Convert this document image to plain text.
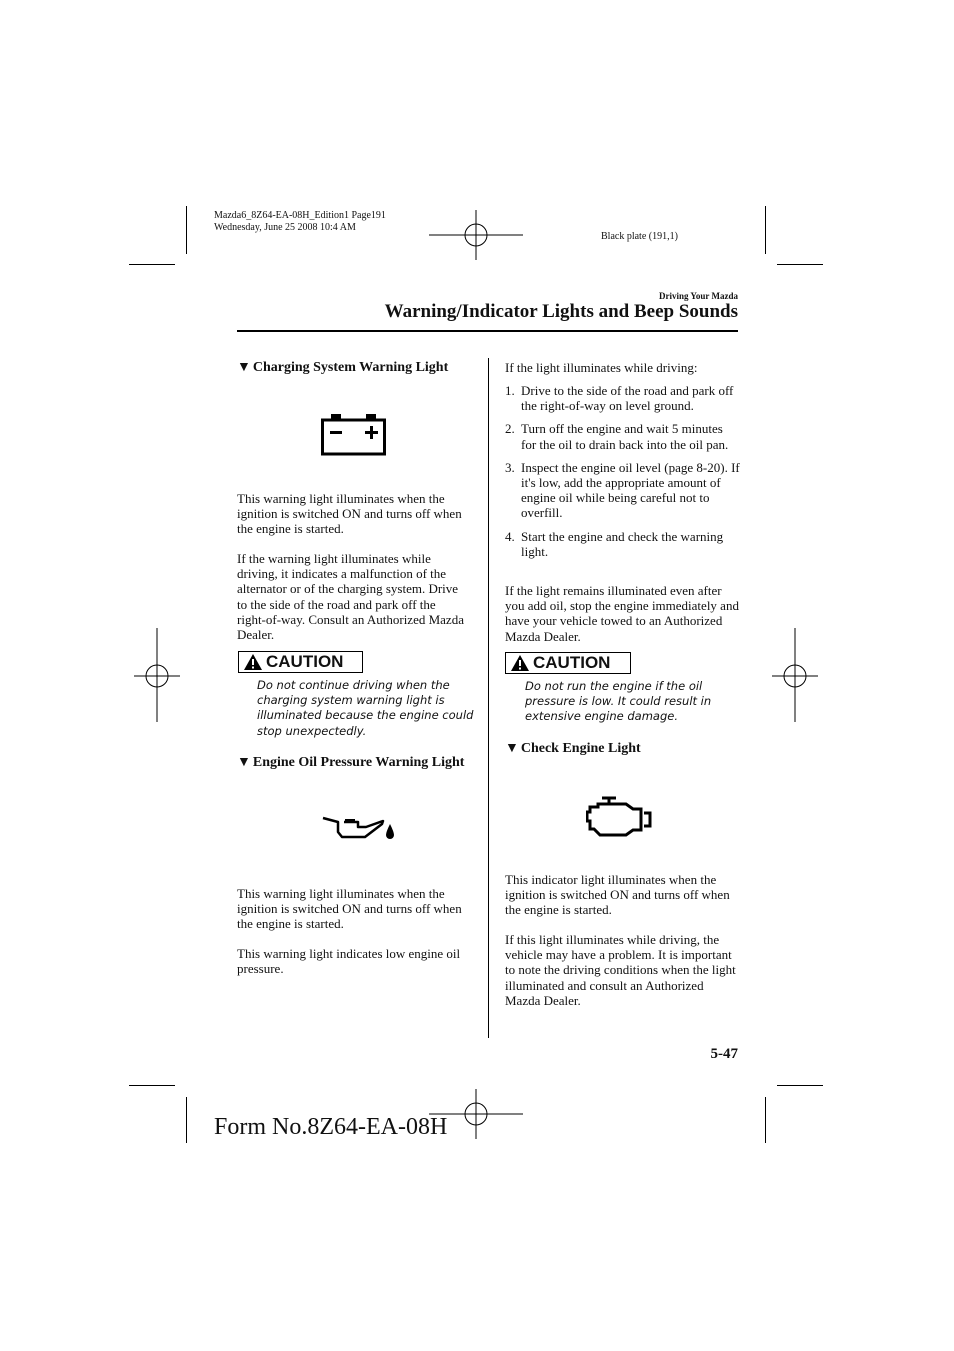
Mazda6_8Z64-EA-08H_Edition1 Page191
Wednesday, June 25 2008 10:4 AM
Black plate (191,1)
Driving Your Mazda
Warning/Indicator Lights and Beep Sounds
▼ Charging System Warning Light
This warning light illuminates when the ignition is switched ON and turns off when the engine is started.
If the warning light illuminates while driving, it indicates a malfunction of the alternator or of the charging system. Drive to the side of the road and park off the right-of-way. Consult an Authorized Mazda Dealer.
CAUTION
Do not continue driving when the charging system warning light is illuminated because the engine could stop unexpectedly.
▼ Engine Oil Pressure Warning Light
This warning light illuminates when the ignition is switched ON and turns off when the engine is started.
This warning light indicates low engine oil pressure.
If the light illuminates while driving:
1. Drive to the side of the road and park off the right-of-way on level ground.
2. Turn off the engine and wait 5 minutes for the oil to drain back into the oil pan.
3. Inspect the engine oil level (page 8-20). If it's low, add the appropriate amount of engine oil while being careful not to overfill.
4. Start the engine and check the warning light.
If the light remains illuminated even after you add oil, stop the engine immediately and have your vehicle towed to an Authorized Mazda Dealer.
CAUTION
Do not run the engine if the oil pressure is low. It could result in extensive engine damage.
▼ Check Engine Light
This indicator light illuminates when the ignition is switched ON and turns off when the engine is started.
If this light illuminates while driving, the vehicle may have a problem. It is important to note the driving conditions when the light illuminated and consult an Authorized Mazda Dealer.
5-47
Form No.8Z64-EA-08H
